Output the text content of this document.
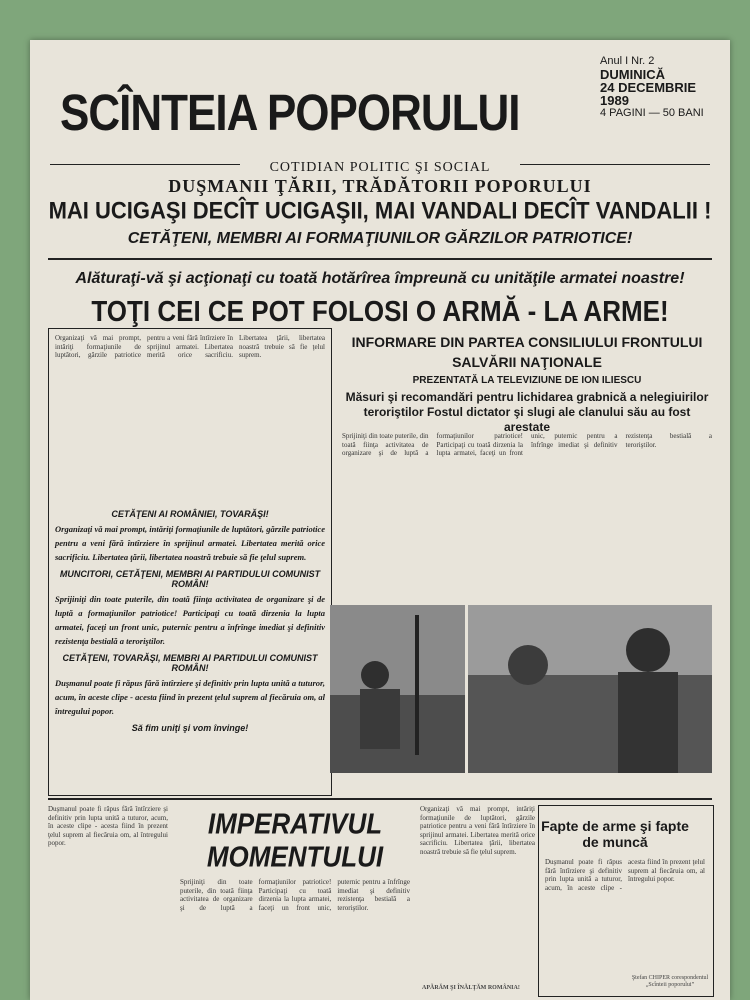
SCÎNTEIA POPORULUI
Anul I Nr. 2
DUMINICĂ
24 DECEMBRIE
1989
4 PAGINI — 50 BANI
COTIDIAN POLITIC ŞI SOCIAL
DUŞMANII ŢĂRII, TRĂDĂTORII POPORULUI
MAI UCIGAŞI DECÎT UCIGAŞII, MAI VANDALI DECÎT VANDALII !
CETĂŢENI, MEMBRI AI FORMAŢIUNILOR GĂRZILOR PATRIOTICE!
Alăturaţi-vă şi acţionaţi cu toată hotărîrea împreună cu unităţile armatei noastre!
TOŢI CEI CE POT FOLOSI O ARMĂ - LA ARME!
Organizaţi vă mai prompt, intăriţi formaţiunile de luptători, gărzile patriotice pentru a veni fără întîrziere în sprijinul armatei. Libertatea merită orice sacrificiu. Libertatea ţării, libertatea noastră trebuie să fie ţelul suprem.
CETĂŢENI AI ROMÂNIEI, TOVARĂŞI!
Organizaţi vă mai prompt, intăriţi formaţiunile de luptători, gărzile patriotice pentru a veni fără întîrziere în sprijinul armatei. Libertatea merită orice sacrificiu. Libertatea ţării, libertatea noastră trebuie să fie ţelul suprem.
MUNCITORI, CETĂŢENI, MEMBRI AI PARTIDULUI COMUNIST ROMÂN!
Sprijiniţi din toate puterile, din toată fiinţa activitatea de organizare şi de luptă a formaţiunilor patriotice! Participaţi cu toată dirzenia la lupta armatei, faceţi un front unic, puternic pentru a înfrînge imediat şi definitiv rezistenţa bestială a teroriştilor.
CETĂŢENI, TOVARĂŞI, MEMBRI AI PARTIDULUI COMUNIST ROMÂN!
Duşmanul poate fi răpus fără întîrziere şi definitiv prin lupta unită a tuturor, acum, în aceste clipe - acesta fiind în prezent ţelul suprem al fiecăruia om, al întregului popor.
Să fim uniţi şi vom învinge!
INFORMARE DIN PARTEA CONSILIULUI FRONTULUI SALVĂRII NAŢIONALE
PREZENTATĂ LA TELEVIZIUNE DE ION ILIESCU
Măsuri şi recomandări pentru lichidarea grabnică a nelegiuirilor teroriştilor Fostul dictator şi slugi ale clanului său au fost arestate
Sprijiniţi din toate puterile, din toată fiinţa activitatea de organizare şi de luptă a formaţiunilor patriotice! Participaţi cu toată dirzenia la lupta armatei, faceţi un front unic, puternic pentru a înfrînge imediat şi definitiv rezistenţa bestială a teroriştilor.
Duşmanul poate fi răpus fără întîrziere şi definitiv prin lupta unită a tuturor, acum, în aceste clipe - acesta fiind în prezent ţelul suprem al fiecăruia om, al întregului popor.
IMPERATIVUL MOMENTULUI
Sprijiniţi din toate puterile, din toată fiinţa activitatea de organizare şi de luptă a formaţiunilor patriotice! Participaţi cu toată dirzenia la lupta armatei, faceţi un front unic, puternic pentru a înfrînge imediat şi definitiv rezistenţa bestială a teroriştilor.
Organizaţi vă mai prompt, intăriţi formaţiunile de luptători, gărzile patriotice pentru a veni fără întîrziere în sprijinul armatei. Libertatea merită orice sacrificiu. Libertatea ţării, libertatea noastră trebuie să fie ţelul suprem.
APĂRĂM ŞI ÎNĂLŢĂM ROMÂNIA!
Fapte de arme şi fapte de muncă
Duşmanul poate fi răpus fără întîrziere şi definitiv prin lupta unită a tuturor, acum, în aceste clipe - acesta fiind în prezent ţelul suprem al fiecăruia om, al întregului popor.
Ştefan CHIPER corespondentul „Scînteii poporului”
